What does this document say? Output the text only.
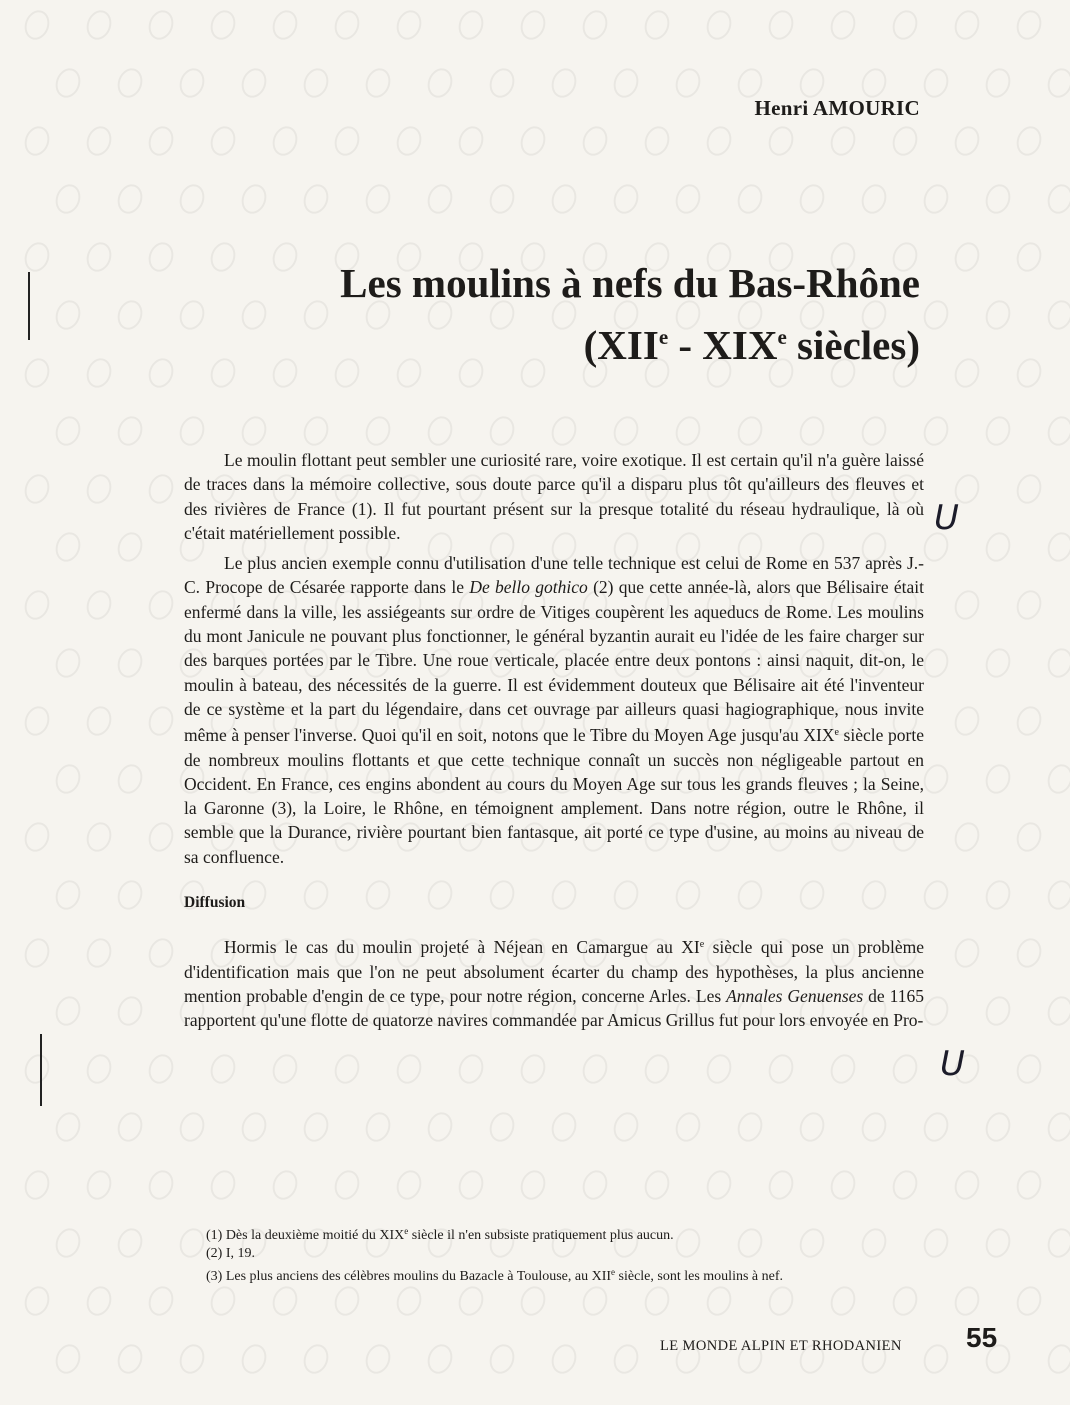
Henri AMOURIC
Les moulins à nefs du Bas-Rhône
(XIIe - XIXe siècles)

Le moulin flottant peut sembler une curiosité rare, voire exotique. Il est certain qu'il n'a guère laissé de traces dans la mémoire collective, sous doute parce qu'il a disparu plus tôt qu'ailleurs des fleuves et des rivières de France (1). Il fut pourtant présent sur la presque totalité du réseau hydraulique, là où c'était matériellement possible.

Le plus ancien exemple connu d'utilisation d'une telle technique est celui de Rome en 537 après J.-C. Procope de Césarée rapporte dans le De bello gothico (2) que cette année-là, alors que Bélisaire était enfermé dans la ville, les assiégeants sur ordre de Vitiges coupèrent les aqueducs de Rome. Les moulins du mont Janicule ne pouvant plus fonctionner, le général byzantin aurait eu l'idée de les faire charger sur des barques portées par le Tibre. Une roue verticale, placée entre deux pontons : ainsi naquit, dit-on, le moulin à bateau, des nécessités de la guerre. Il est évidemment douteux que Bélisaire ait été l'inventeur de ce système et la part du légendaire, dans cet ouvrage par ailleurs quasi hagiographique, nous invite même à penser l'inverse. Quoi qu'il en soit, notons que le Tibre du Moyen Age jusqu'au XIXe siècle porte de nombreux moulins flottants et que cette technique connaît un succès non négligeable partout en Occident. En France, ces engins abondent au cours du Moyen Age sur tous les grands fleuves ; la Seine, la Garonne (3), la Loire, le Rhône, en témoignent amplement. Dans notre région, outre le Rhône, il semble que la Durance, rivière pourtant bien fantasque, ait porté ce type d'usine, au moins au niveau de sa confluence.

Diffusion

Hormis le cas du moulin projeté à Néjean en Camargue au XIe siècle qui pose un problème d'identification mais que l'on ne peut absolument écarter du champ des hypothèses, la plus ancienne mention probable d'engin de ce type, pour notre région, concerne Arles. Les Annales Genuenses de 1165 rapportent qu'une flotte de quatorze navires commandée par Amicus Grillus fut pour lors envoyée en Pro-

(1) Dès la deuxième moitié du XIXe siècle il n'en subsiste pratiquement plus aucun.
(2) I, 19.
(3) Les plus anciens des célèbres moulins du Bazacle à Toulouse, au XIIe siècle, sont les moulins à nef.
LE MONDE ALPIN ET RHODANIEN 55
U
U
